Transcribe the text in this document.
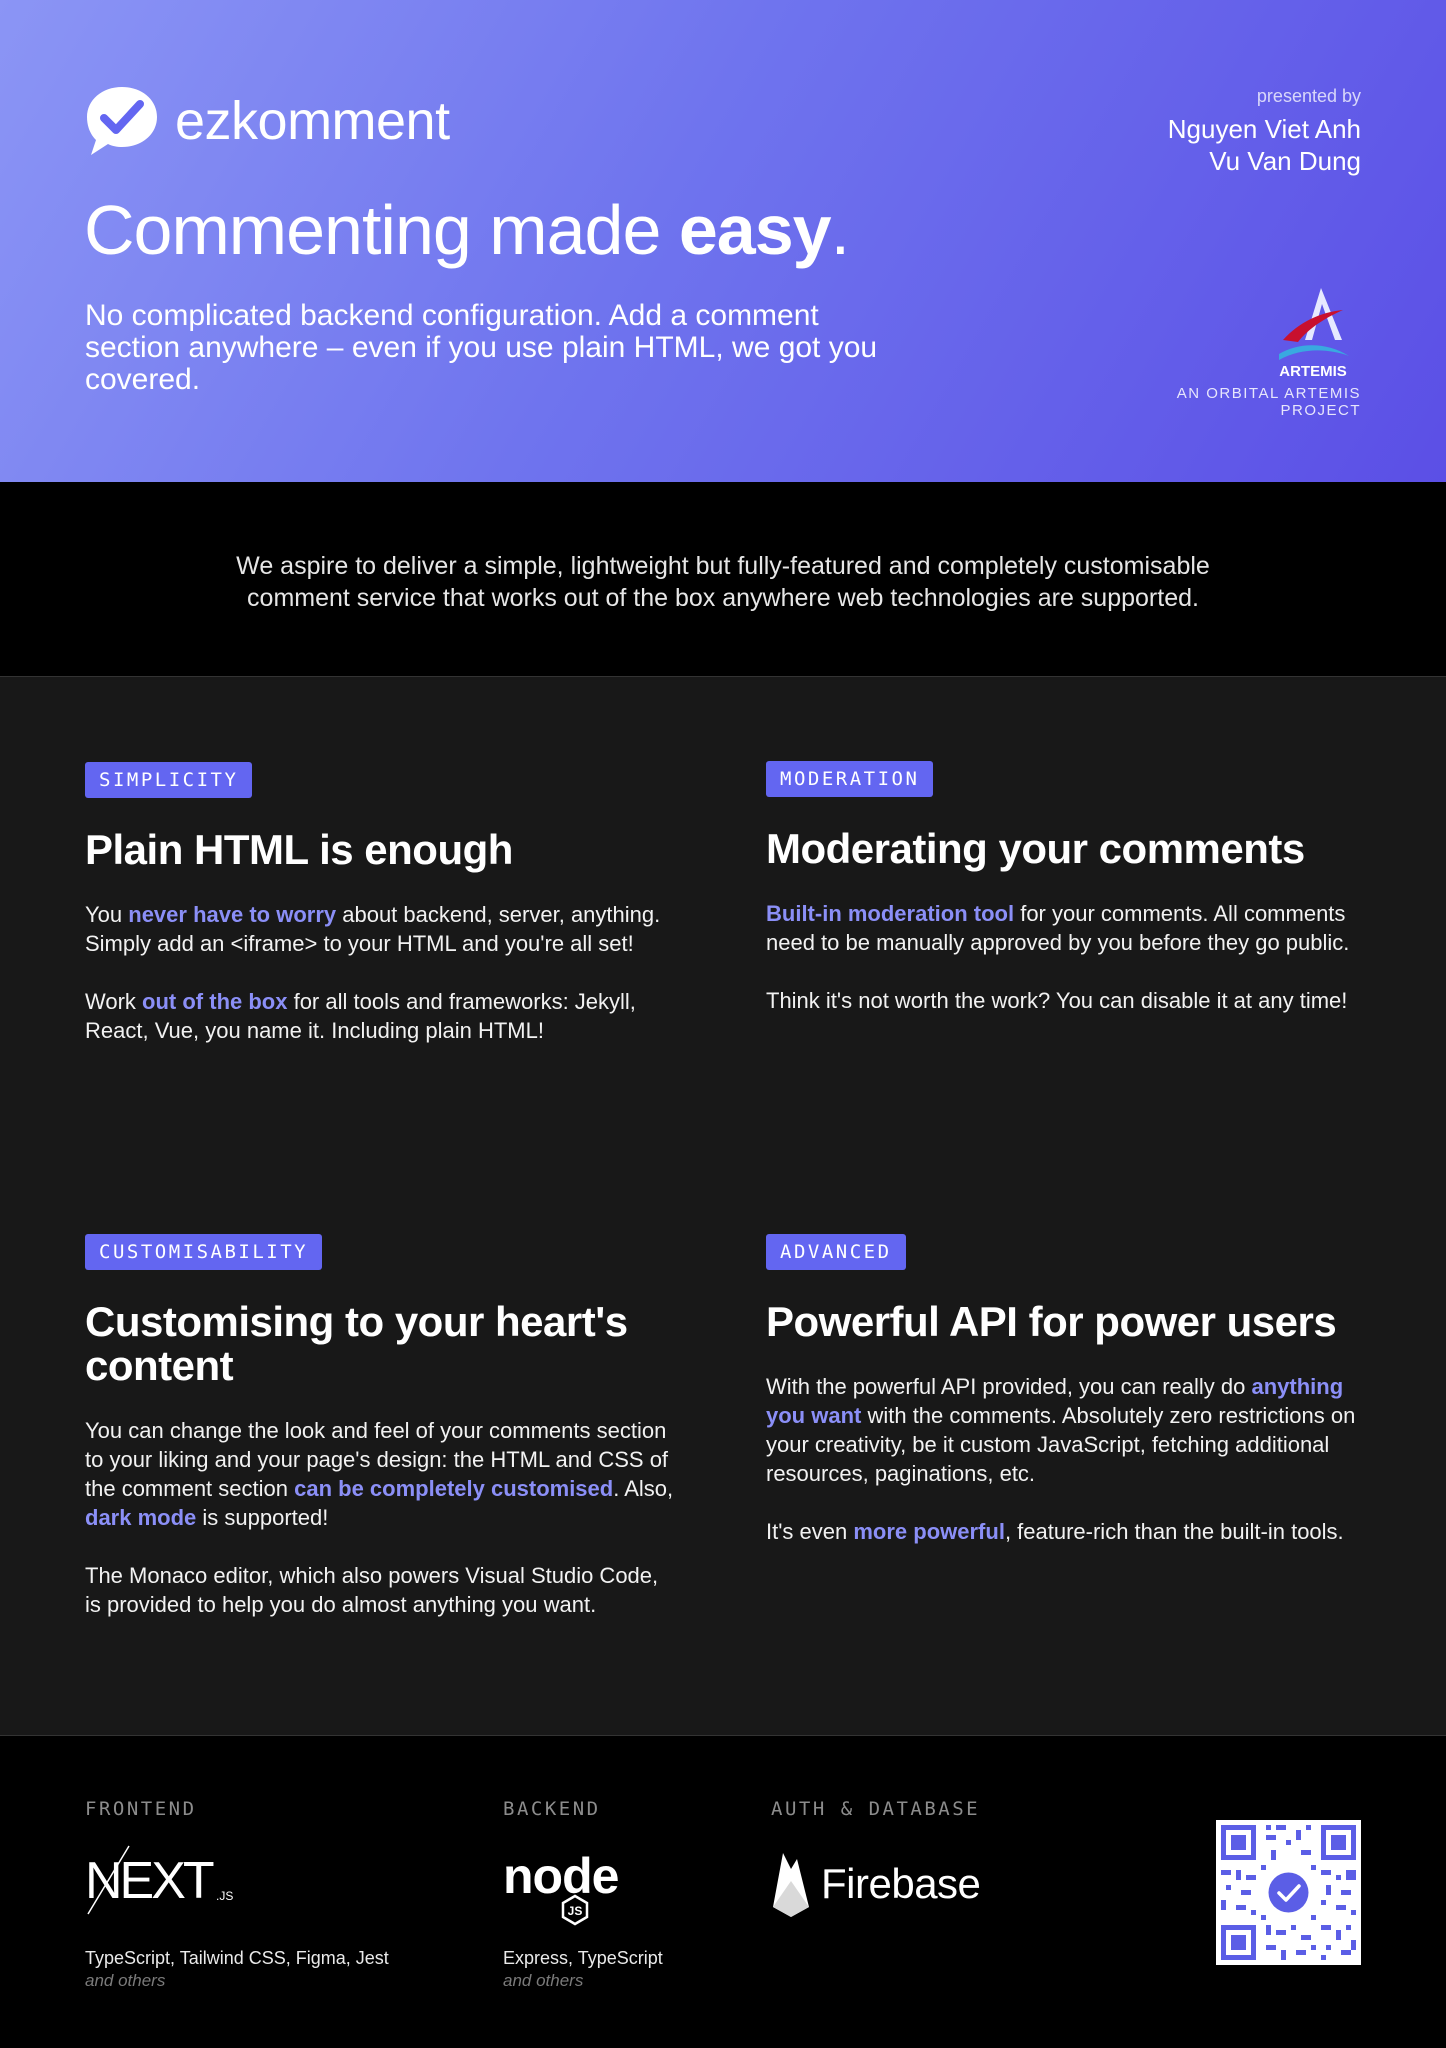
ezkomment
Commenting made easy.

No complicated backend configuration. Add a comment section anywhere – even if you use plain HTML, we got you covered.

presented by
Nguyen Viet Anh
Vu Van Dung
ARTEMIS
AN ORBITAL ARTEMIS PROJECT

We aspire to deliver a simple, lightweight but fully-featured and completely customisable
comment service that works out of the box anywhere web technologies are supported.

SIMPLICITY
Plain HTML is enough

You never have to worry about backend, server, anything. Simply add an <iframe> to your HTML and you're all set!

Work out of the box for all tools and frameworks: Jekyll, React, Vue, you name it. Including plain HTML!

MODERATION
Moderating your comments

Built-in moderation tool for your comments. All comments need to be manually approved by you before they go public.

Think it's not worth the work? You can disable it at any time!

CUSTOMISABILITY
Customising to your heart's content

You can change the look and feel of your comments section to your liking and your page's design: the HTML and CSS of the comment section can be completely customised. Also, dark mode is supported!

The Monaco editor, which also powers Visual Studio Code, is provided to help you do almost anything you want.

ADVANCED
Powerful API for power users

With the powerful API provided, you can really do anything you want with the comments. Absolutely zero restrictions on your creativity, be it custom JavaScript, fetching additional resources, paginations, etc.

It's even more powerful, feature-rich than the built-in tools.

FRONTEND
NEXT .JS
TypeScript, Tailwind CSS, Figma, Jest
and others
BACKEND
node
JS
Express, TypeScript
and others
AUTH & DATABASE
Firebase
